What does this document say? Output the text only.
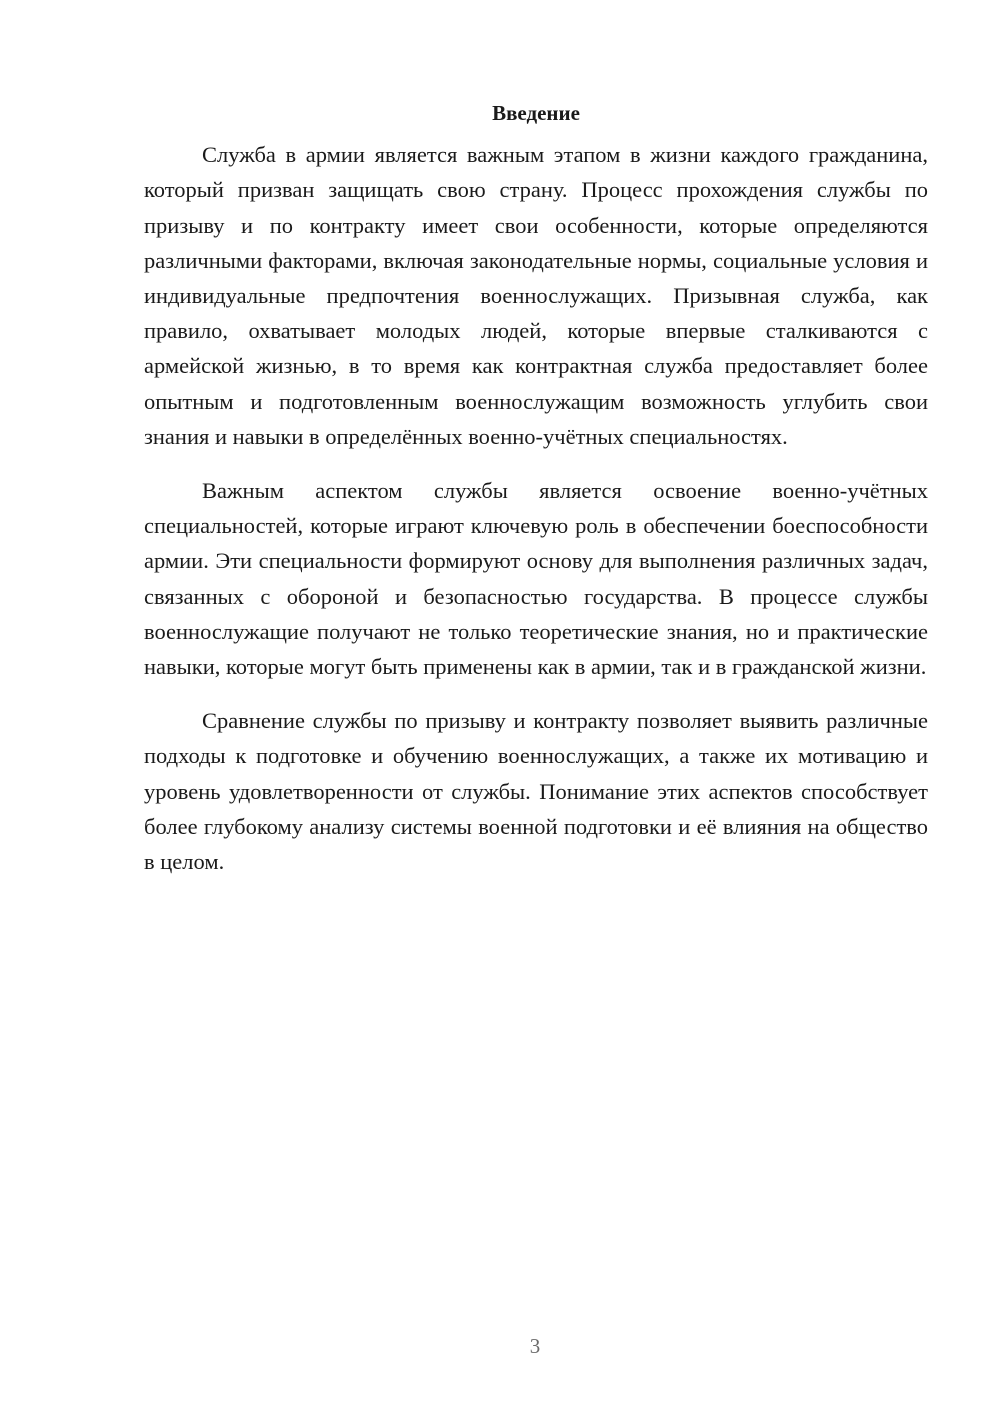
Введение

Служба в армии является важным этапом в жизни каждого гражданина, который призван защищать свою страну. Процесс прохождения службы по призыву и по контракту имеет свои особенности, которые определяются различными факторами, включая законодательные нормы, социальные условия и индивидуальные предпочтения военнослужащих. Призывная служба, как правило, охватывает молодых людей, которые впервые сталкиваются с армейской жизнью, в то время как контрактная служба предоставляет более опытным и подготовленным военнослужащим возможность углубить свои знания и навыки в определённых военно-учётных специальностях.

Важным аспектом службы является освоение военно-учётных специальностей, которые играют ключевую роль в обеспечении боеспособности армии. Эти специальности формируют основу для выполнения различных задач, связанных с обороной и безопасностью государства. В процессе службы военнослужащие получают не только теоретические знания, но и практические навыки, которые могут быть применены как в армии, так и в гражданской жизни.

Сравнение службы по призыву и контракту позволяет выявить различные подходы к подготовке и обучению военнослужащих, а также их мотивацию и уровень удовлетворенности от службы. Понимание этих аспектов способствует более глубокому анализу системы военной подготовки и её влияния на общество в целом.

3
